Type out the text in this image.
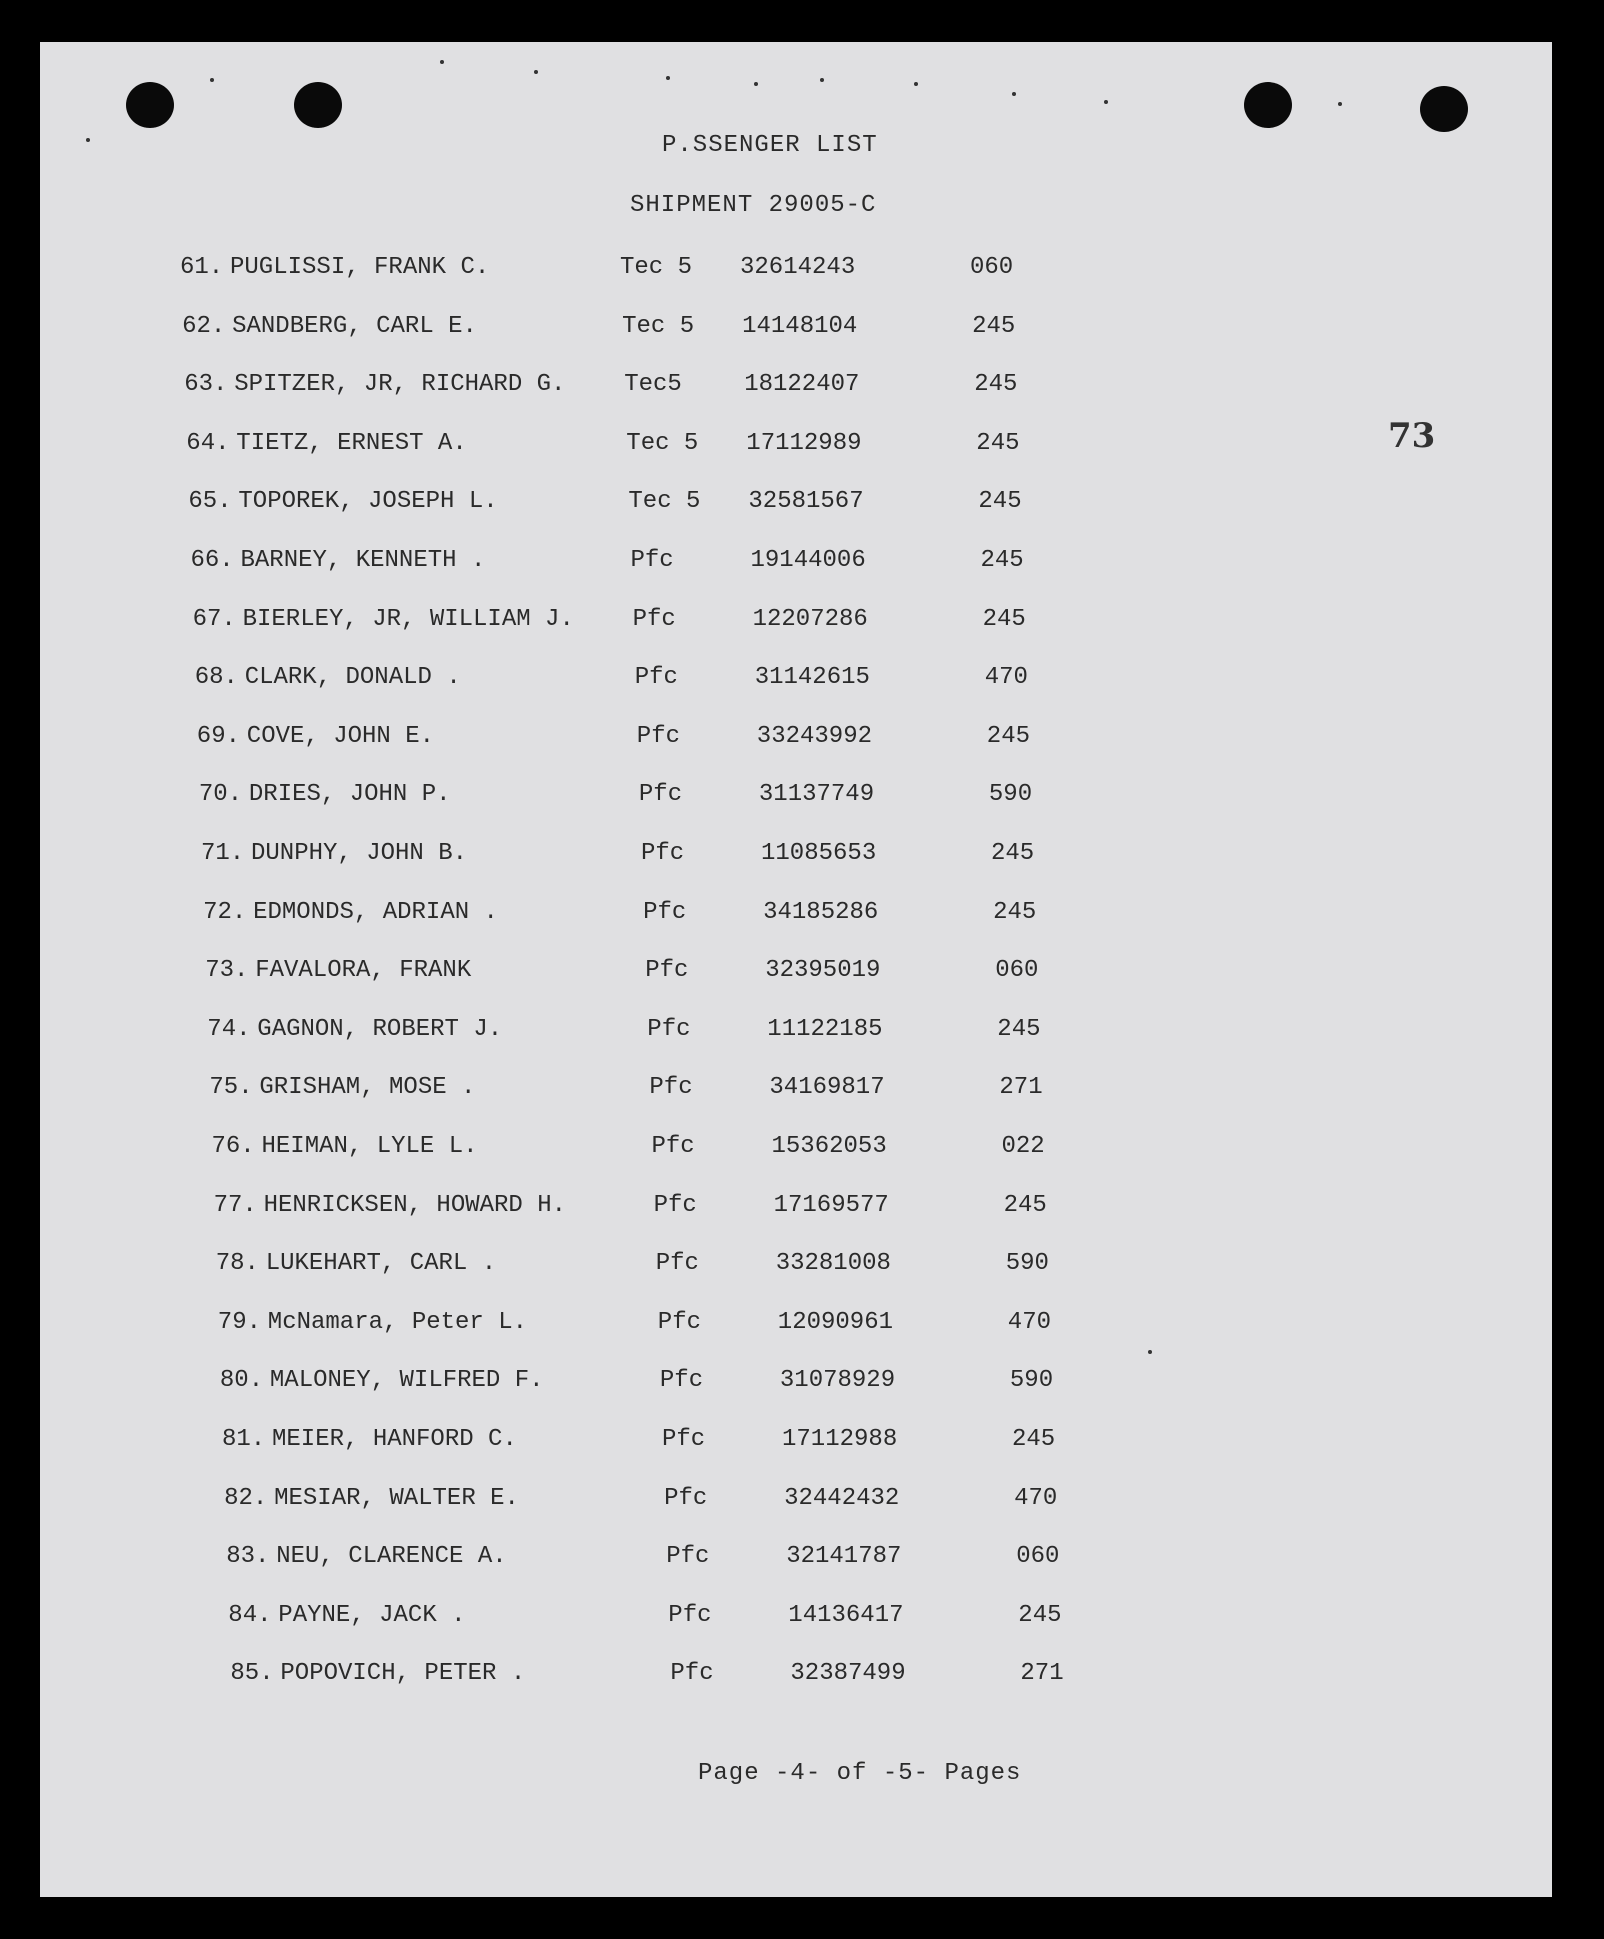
P.SSENGER LIST
SHIPMENT 29005-C
73
61. PUGLISSI, FRANK C.	Tec 5 32614243	060
62. SANDBERG, CARL E.	Tec 5 14148104	245
63. SPITZER, JR, RICHARD G. Tec5	18122407	245
64. TIETZ, ERNEST A.	Tec 5 17112989	245
65. TOPOREK, JOSEPH L.	Tec 5 32581567	245
66. BARNEY, KENNETH .	Pfc	19144006	245
67. BIERLEY, JR, WILLIAM J. Pfc	12207286	245
68. CLARK, DONALD .	Pfc	31142615	470
69. COVE, JOHN E.	Pfc	33243992	245
70. DRIES, JOHN P.	Pfc	31137749	590
71. DUNPHY, JOHN B.	Pfc	11085653	245
72. EDMONDS, ADRIAN .	Pfc	34185286	245
73. FAVALORA, FRANK	Pfc	32395019	060
74. GAGNON, ROBERT J.	Pfc	11122185	245
75. GRISHAM, MOSE .	Pfc	34169817	271
76. HEIMAN, LYLE L.	Pfc	15362053	022
77. HENRICKSEN, HOWARD H.	Pfc	17169577	245
78. LUKEHART, CARL .	Pfc	33281008	590
79. McNamara, Peter L.	Pfc	12090961	470
80. MALONEY, WILFRED F.	Pfc	31078929	590
81. MEIER, HANFORD C.	Pfc	17112988	245
82. MESIAR, WALTER E.	Pfc	32442432	470
83. NEU, CLARENCE A.	Pfc	32141787	060
84. PAYNE, JACK .	Pfc	14136417	245
85. POPOVICH, PETER .	Pfc	32387499	271
Page -4- of -5- Pages
